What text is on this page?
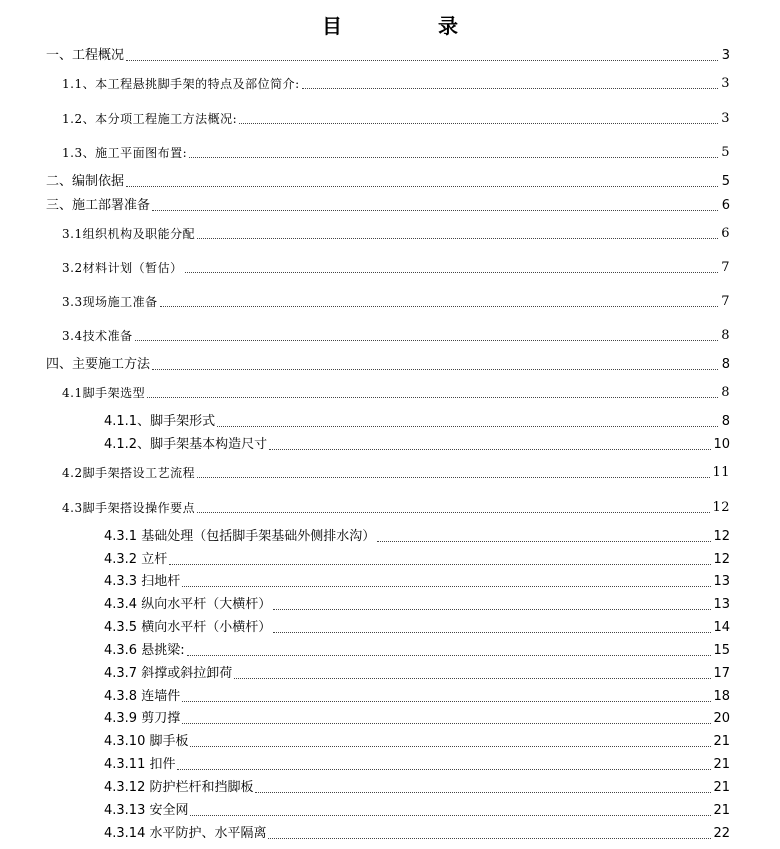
目　录
一、工程概况	3
1.1、本工程悬挑脚手架的特点及部位简介:	3
1.2、本分项工程施工方法概况:	3
1.3、施工平面图布置:	5
二、编制依据	5
三、施工部署准备	6
3.1组织机构及职能分配	6
3.2材料计划（暂估）	7
3.3现场施工准备	7
3.4技术准备	8
四、主要施工方法	8
4.1脚手架选型	8
4.1.1、脚手架形式	8
4.1.2、脚手架基本构造尺寸	10
4.2脚手架搭设工艺流程	11
4.3脚手架搭设操作要点	12
4.3.1 基础处理（包括脚手架基础外侧排水沟）	12
4.3.2 立杆	12
4.3.3 扫地杆	13
4.3.4 纵向水平杆（大横杆）	13
4.3.5 横向水平杆（小横杆）	14
4.3.6 悬挑梁:	15
4.3.7 斜撑或斜拉卸荷	17
4.3.8 连墙件	18
4.3.9 剪刀撑	20
4.3.10 脚手板	21
4.3.11 扣件	21
4.3.12 防护栏杆和挡脚板	21
4.3.13 安全网	21
4.3.14 水平防护、水平隔离	22
